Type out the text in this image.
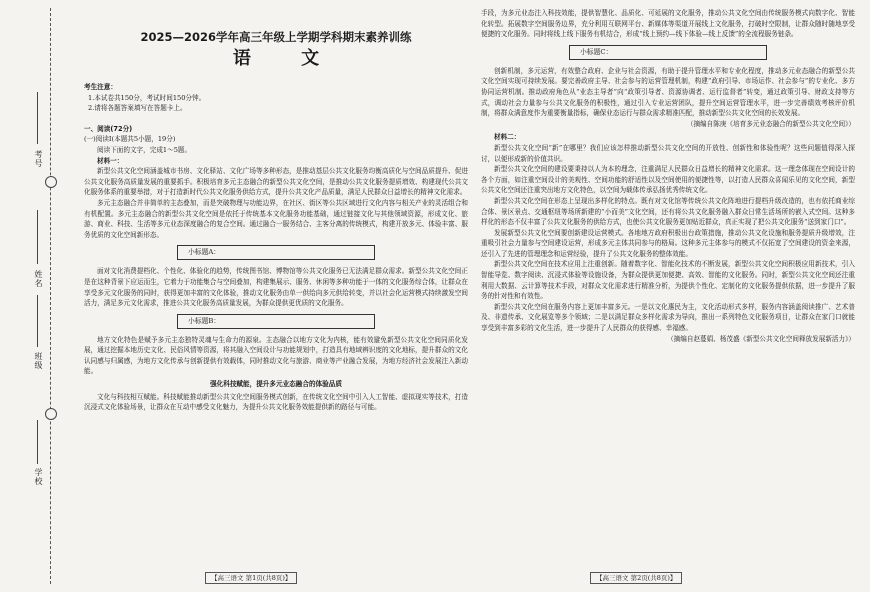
考号
姓名
班级
学校
2025—2026学年高三年级上学期学科期末素养训练
语 文

考生注意：

1.本试卷共150分，考试时间150分钟。

2.请将各题答案填写在答题卡上。

一、阅读(72分)

(一)阅读Ⅰ(本题共5小题，19分)

阅读下面的文字，完成1～5题。

材料一：

新型公共文化空间涵盖城市书房、文化驿站、文化广场等多种形态，是推动基层公共文化服务均衡高质化与空间品质提升、促进公共文化服务高质量发展的重要抓手。积极培育多元主态融合的新型公共文化空间，是推动公共文化服务提质增效、构建现代公共文化服务体系的重要举措，对于打造新时代公共文化服务供给方式，提升公共文化产品质量，满足人民群众日益增长的精神文化需求。

多元主态融合并非简单的主态叠加，而是突破物理与功能边界，在社区、街区等公共区域进行文化内容与相关产业的灵活组合和有机配置。多元主态融合的新型公共文化空间是依托于传统基本文化服务功能基础，通过链接文化与其他领域资源，形成文化、旅游、商业、科技、生活等多元业态深度融合的复合空间。通过融合一服务结合、主客分离的传统模式，构建开放多元、体验丰富、服务优质的文化空间新形态。

小标题A：

面对文化消费提档化、个性化、体验化的趋势，传统图书馆、博物馆等公共文化服务已无法满足群众需求。新型公共文化空间正是在这种背景下应运而生，它着力于功能集合与空间叠加，构建集展示、服务、休闲等多种功能于一体的文化服务综合体，让群众在享受多元文化服务的同时，获得更加丰富的文化体验，推动文化服务由单一供给向多元供给转变，并以社会化运营模式持续激发空间活力，满足多元文化需求，推进公共文化服务高质量发展，为群众提供更优质的文化服务。

小标题B：

地方文化特色是赋予多元主态独特灵魂与生命力的源泉。主态融合以地方文化为内核，能有效避免新型公共文化空间同质化发展，通过挖掘本地历史文化、民俗风情等资源，将其融入空间设计与功能规划中，打造具有地域辨识度的文化地标，提升群众的文化认同感与归属感，为地方文化传承与创新提供有效载体，同时推动文化与旅游、商业等产业融合发展，为地方经济社会发展注入新动能。

强化科技赋能，提升多元业态融合的体验品质

文化与科技相互赋能。科技赋能推动新型公共文化空间服务模式创新，在传统文化空间中引入人工智能、虚拟现实等技术，打造沉浸式文化体验场景，让群众在互动中感受文化魅力，为提升公共文化服务效能提供新的路径与可能。

手段，为多元业态注入科技效能，提供智慧化、品质化、可延展的文化服务，推动公共文化空间由传统服务模式向数字化、智能化转型。拓展数字空间服务边界，充分利用互联网平台、新媒体等渠道开展线上文化服务，打破时空限制，让群众随时随地享受便捷的文化服务。同时将线上线下服务有机结合，形成“线上预约—线下体验—线上反馈”的全流程服务链条。

小标题C：

创新机制，多元运营，有效整合政府、企业与社会资源，有助于提升管理水平和专业化程度，推动多元业态融合的新型公共文化空间实现可持续发展。要完善政府主导、社会参与的运营管理机制，构建“政府引导、市场运作、社会参与”的专业化、多方协同运营机制。推动政府角色从“业态主导者”向“政策引导者、资源协调者、运行监督者”转变，通过政策引导、财政支持等方式，调动社会力量参与公共文化服务的积极性，通过引入专业运营团队，提升空间运营管理水平，进一步完善绩效考核评价机制，将群众满意度作为重要衡量指标，确保业态运行与群众需求精准匹配，推动新型公共文化空间的长效发展。

（摘编自陈庚《培育多元业态融合的新型公共文化空间》）

材料二：

新型公共文化空间“新”在哪里？我们应该怎样推动新型公共文化空间的开放性、创新性和体验性呢？这些问题值得深入探讨，以便形成新的价值共识。

新型公共文化空间的建设要秉持以人为本的理念，注重满足人民群众日益增长的精神文化需求。这一理念体现在空间设计的各个方面，如注重空间设计的美观性、空间功能的舒适性以及空间使用的便捷性等，以打造人民群众喜闻乐见的文化空间，新型公共文化空间还注重突出地方文化特色，以空间为载体传承弘扬优秀传统文化。

新型公共文化空间在形态上呈现出多样化的特点。既有对文化馆等传统公共文化阵地进行提档升级改造的，也有依托商业综合体、景区景点、交通枢纽等场所新建的“小而美”文化空间，还有将公共文化服务融入群众日常生活场所的嵌入式空间。这种多样化的形态不仅丰富了公共文化服务的供给方式，也使公共文化服务更加贴近群众，真正实现了把公共文化服务“送到家门口”。

发展新型公共文化空间要创新建设运营模式。各地地方政府积极出台政策措施，推动公共文化设施和服务提质升级增效，注重吸引社会力量参与空间建设运营，形成多元主体共同参与的格局。这种多元主体参与的模式不仅拓宽了空间建设的资金来源，还引入了先进的管理理念和运营经验，提升了公共文化服务的整体效能。

新型公共文化空间在技术应用上注重创新。随着数字化、智能化技术的不断发展，新型公共文化空间积极应用新技术，引入智能导览、数字阅读、沉浸式体验等设施设备，为群众提供更加便捷、高效、智能的文化服务。同时，新型公共文化空间还注重利用大数据、云计算等技术手段，对群众文化需求进行精准分析，为提供个性化、定制化的文化服务提供依据，进一步提升了服务的针对性和有效性。

新型公共文化空间在服务内容上更加丰富多元。一是以文化惠民为主，文化活动形式多样，服务内容涵盖阅读推广、艺术普及、非遗传承、文化展览等多个领域；二是以满足群众多样化需求为导向，推出一系列特色文化服务项目，让群众在家门口就能享受到丰富多彩的文化生活，进一步提升了人民群众的获得感、幸福感。

（摘编自赵蔓娟、杨茂盛《新型公共文化空间释放发展新活力》）

【高三语文 第1页(共8页)】	【高三语文 第2页(共8页)】
